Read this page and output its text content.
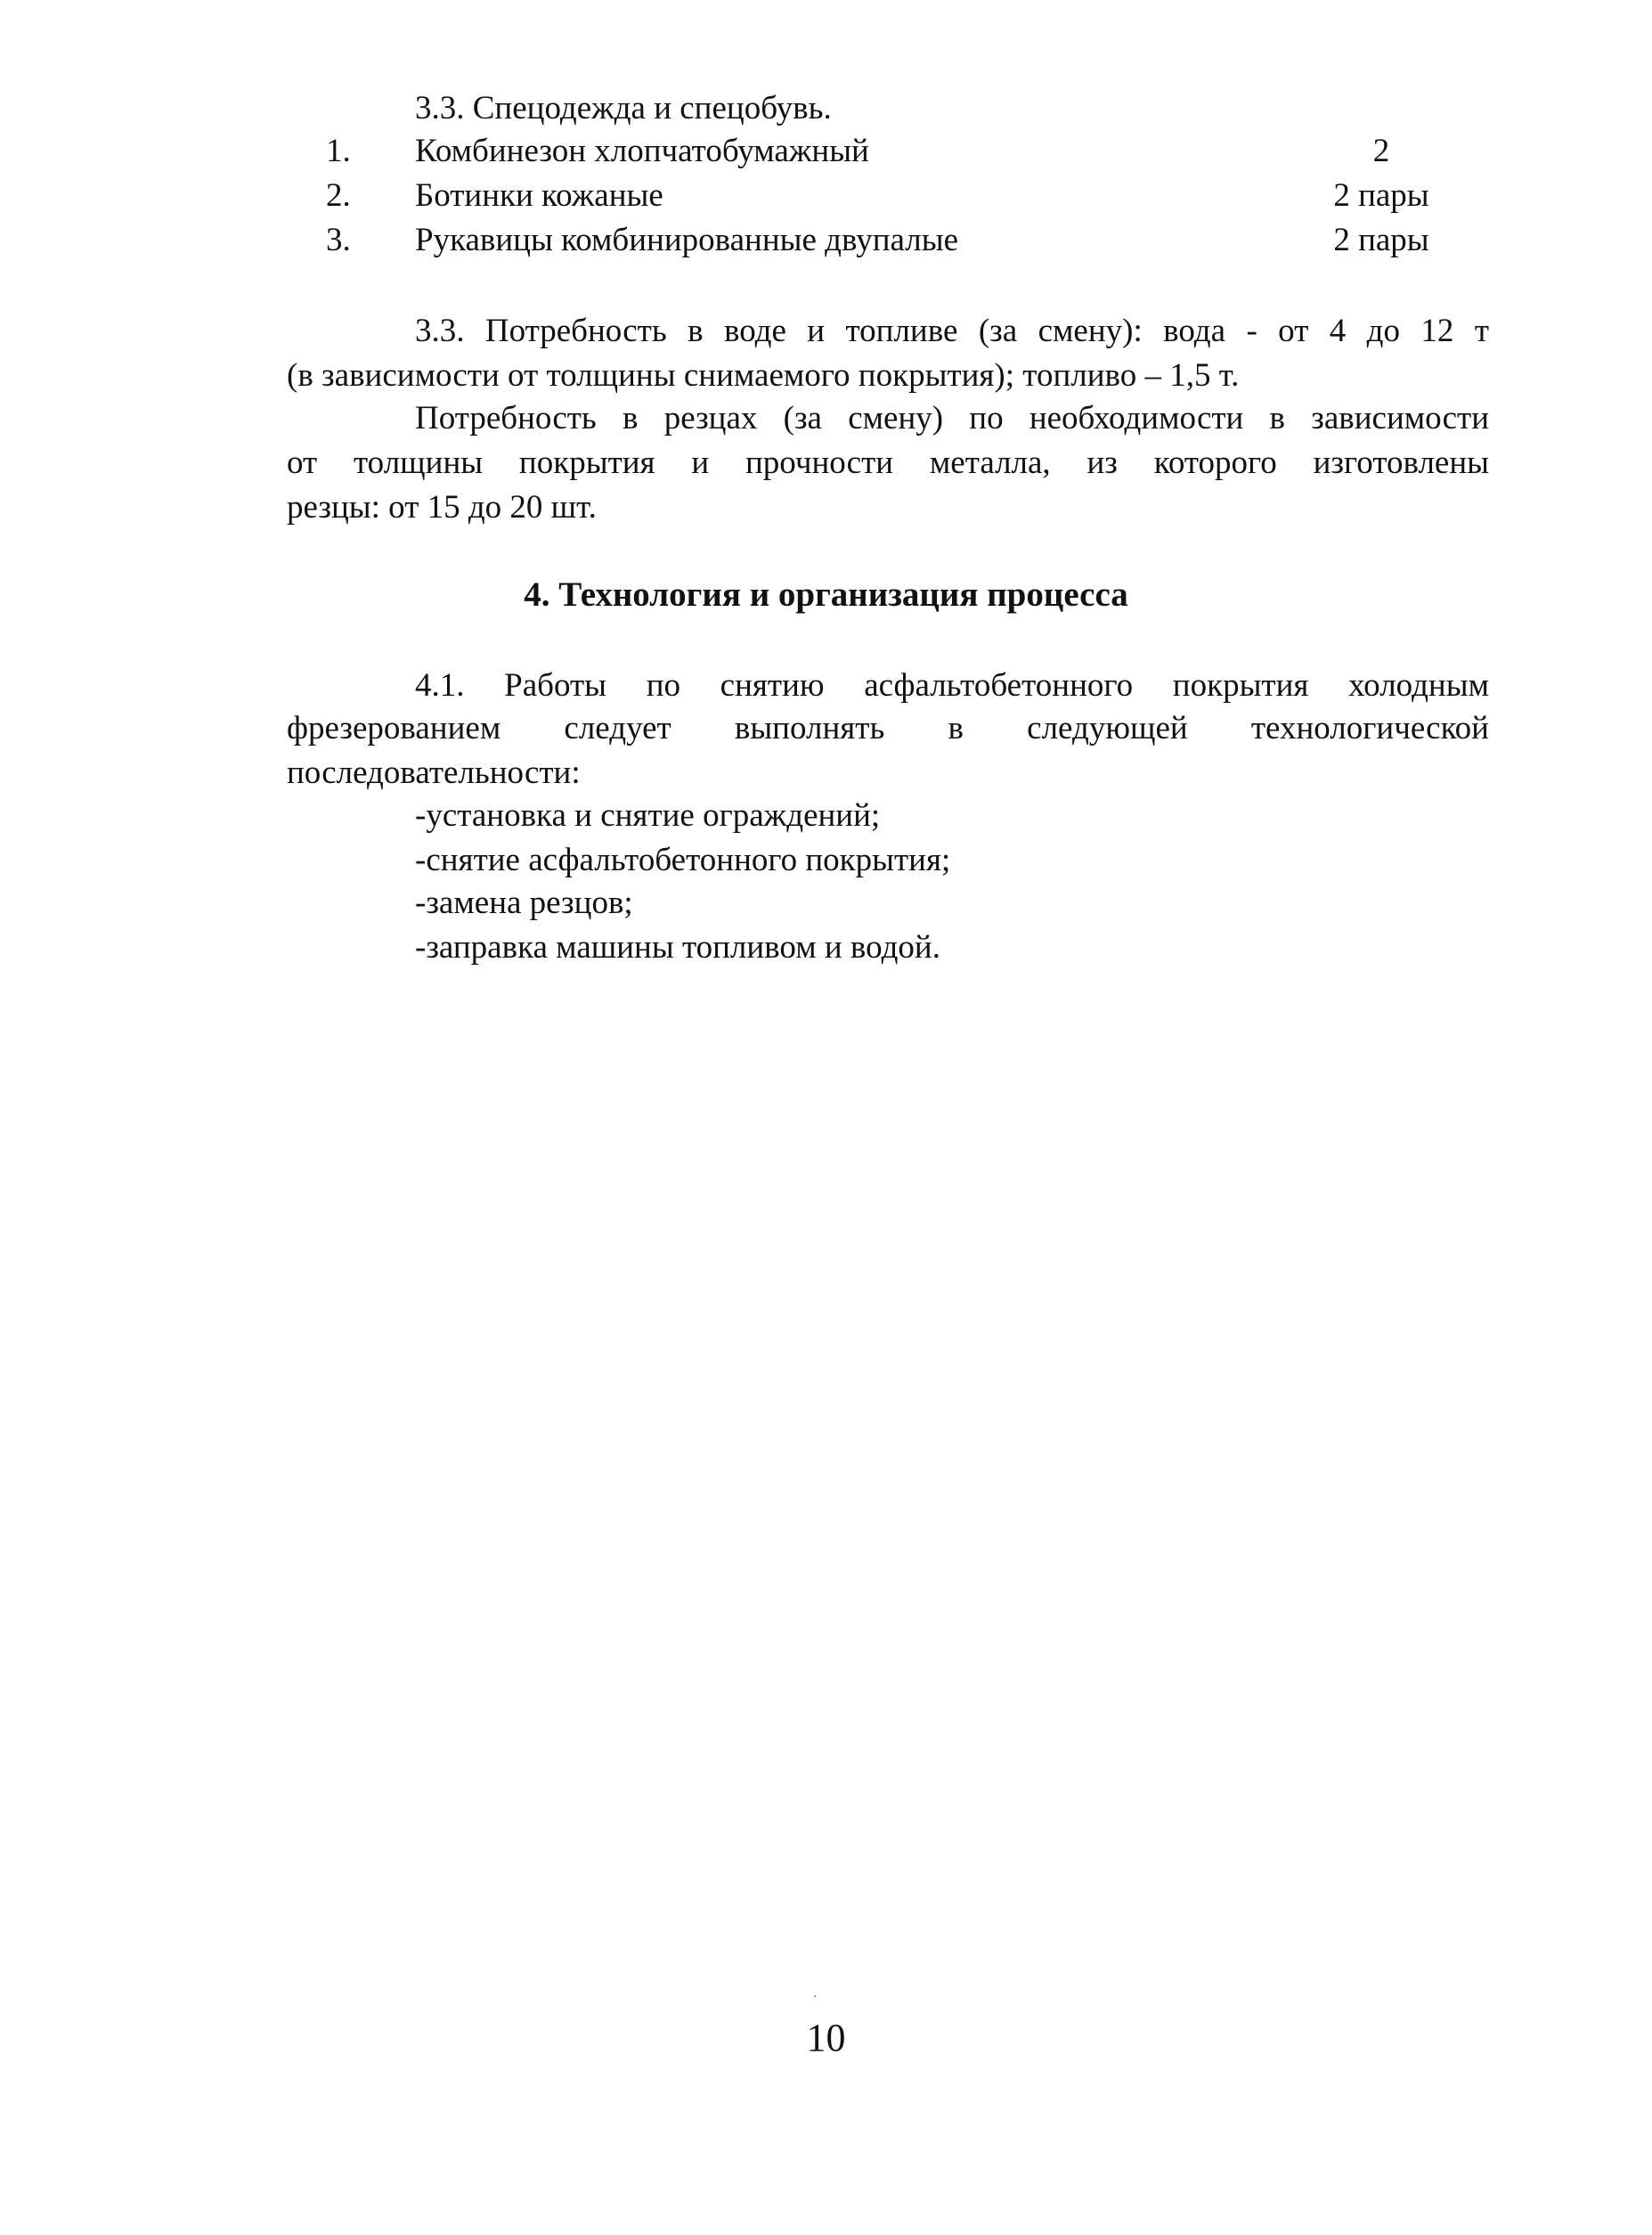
3.3. Спецодежда и спецобувь.
1. Комбинезон хлопчатобумажный	2
2. Ботинки кожаные	2 пары
3. Рукавицы комбинированные двупалые	2 пары
3.3. Потребность в воде и топливе (за смену): вода - от 4 до 12 т
(в зависимости от толщины снимаемого покрытия); топливо – 1,5 т.
Потребность в резцах (за смену) по необходимости в зависимости
от толщины покрытия и прочности металла, из которого изготовлены
резцы: от 15 до 20 шт.
4. Технология и организация процесса
4.1. Работы по снятию асфальтобетонного покрытия холодным
фрезерованием следует выполнять в следующей технологической
последовательности:
-установка и снятие ограждений;
-снятие асфальтобетонного покрытия;
-замена резцов;
-заправка машины топливом и водой.
10
